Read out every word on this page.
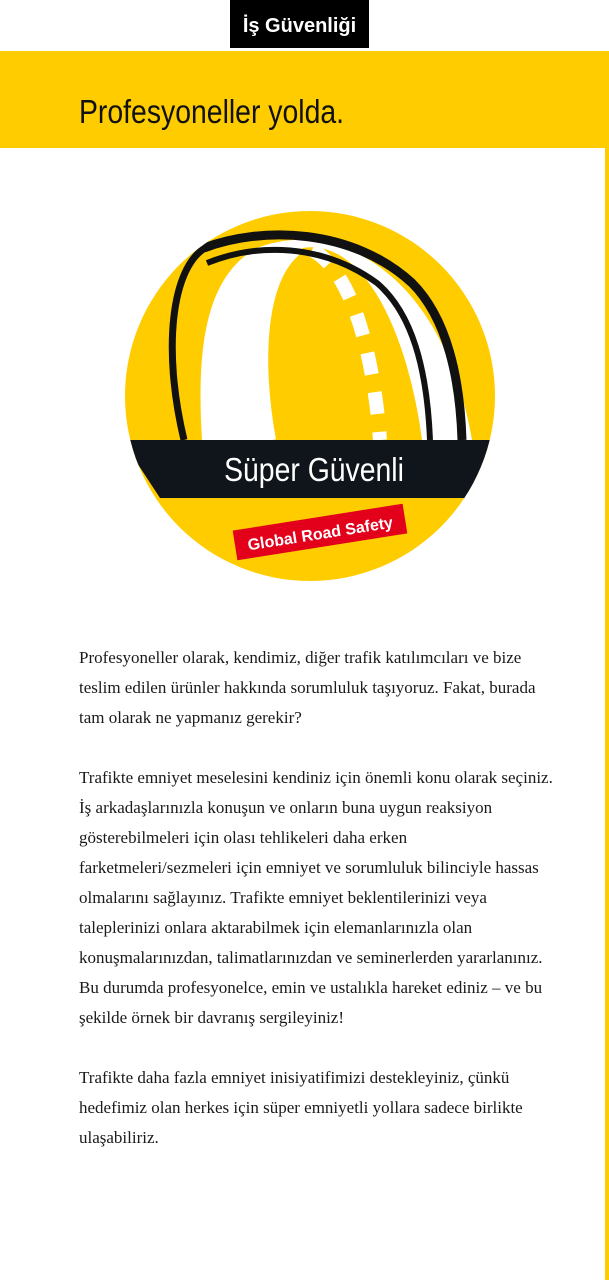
İş Güvenliği
Profesyoneller yolda.
Süper Güvenli
Global Road Safety

Profesyoneller olarak, kendimiz, diğer trafik katılımcıları ve bize teslim edilen ürünler hakkında sorumluluk taşıyoruz. Fakat, burada tam olarak ne yapmanız gerekir?

Trafikte emniyet meselesini kendiniz için önemli konu olarak seçiniz. İş arkadaşlarınızla konuşun ve onların buna uygun reaksiyon gösterebilmeleri için olası tehlikeleri daha erken farketmeleri/sezmeleri için emniyet ve sorumluluk bilinciyle hassas olmalarını sağlayınız. Trafikte emniyet beklentilerinizi veya taleplerinizi onlara aktarabilmek için elemanlarınızla olan konuşmalarınızdan, talimatlarınızdan ve seminerlerden yararlanınız. Bu durumda profesyonelce, emin ve ustalıkla hareket ediniz – ve bu şekilde örnek bir davranış sergileyiniz!

Trafikte daha fazla emniyet inisiyatifimizi destekleyiniz, çünkü hedefimiz olan herkes için süper emniyetli yollara sadece birlikte ulaşabiliriz.
